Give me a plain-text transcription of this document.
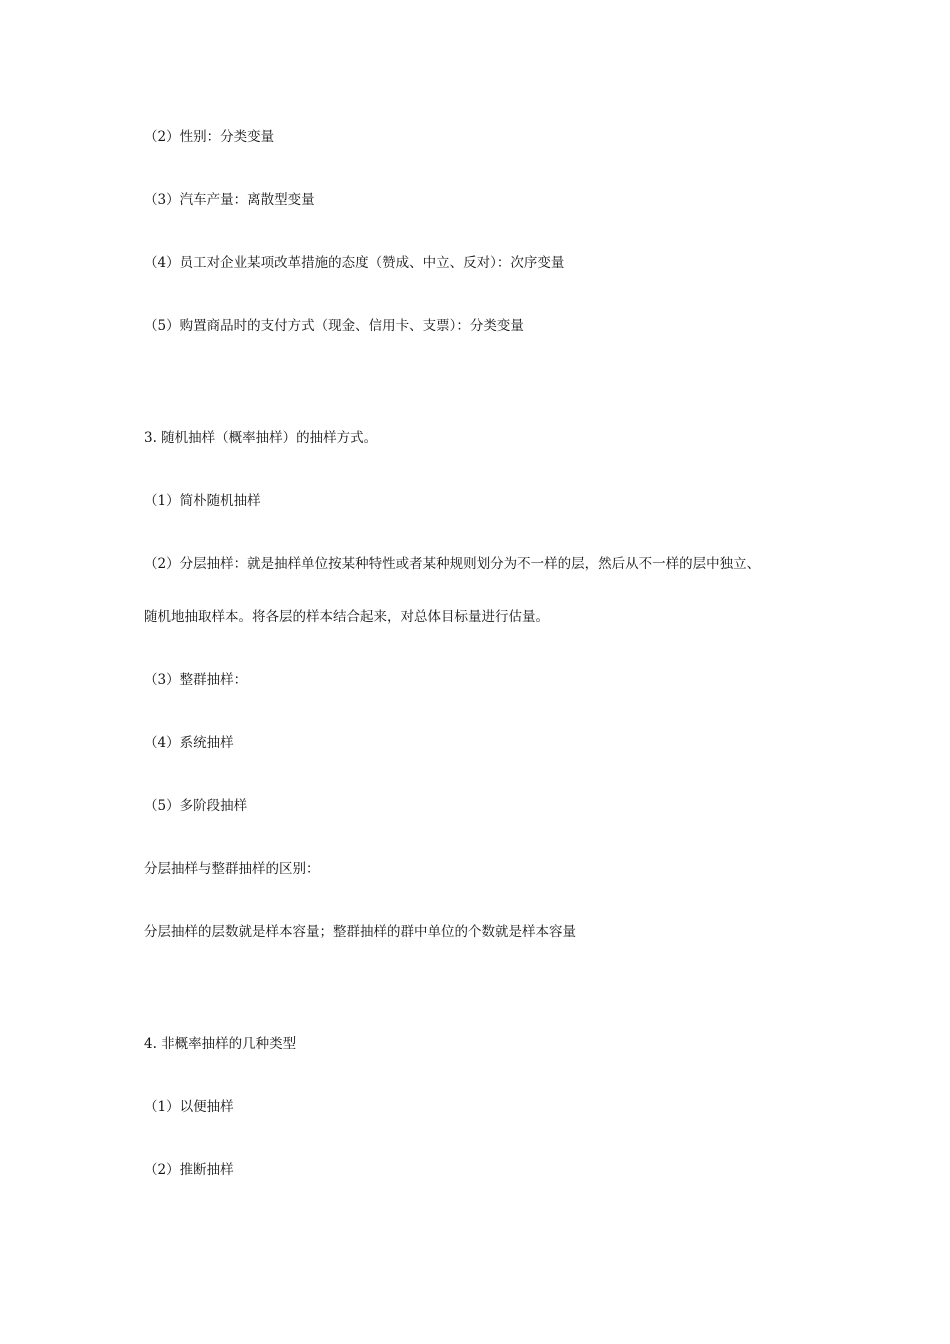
（2）性别：分类变量
（3）汽车产量：离散型变量
（4）员工对企业某项改革措施的态度（赞成、中立、反对）：次序变量
（5）购置商品时的支付方式（现金、信用卡、支票）：分类变量
3. 随机抽样（概率抽样）的抽样方式。
（1）简朴随机抽样
（2）分层抽样：就是抽样单位按某种特性或者某种规则划分为不一样的层，然后从不一样的层中独立、
随机地抽取样本。将各层的样本结合起来，对总体目标量进行估量。
（3）整群抽样：
（4）系统抽样
（5）多阶段抽样
分层抽样与整群抽样的区别：
分层抽样的层数就是样本容量；整群抽样的群中单位的个数就是样本容量
4. 非概率抽样的几种类型
（1）以便抽样
（2）推断抽样
